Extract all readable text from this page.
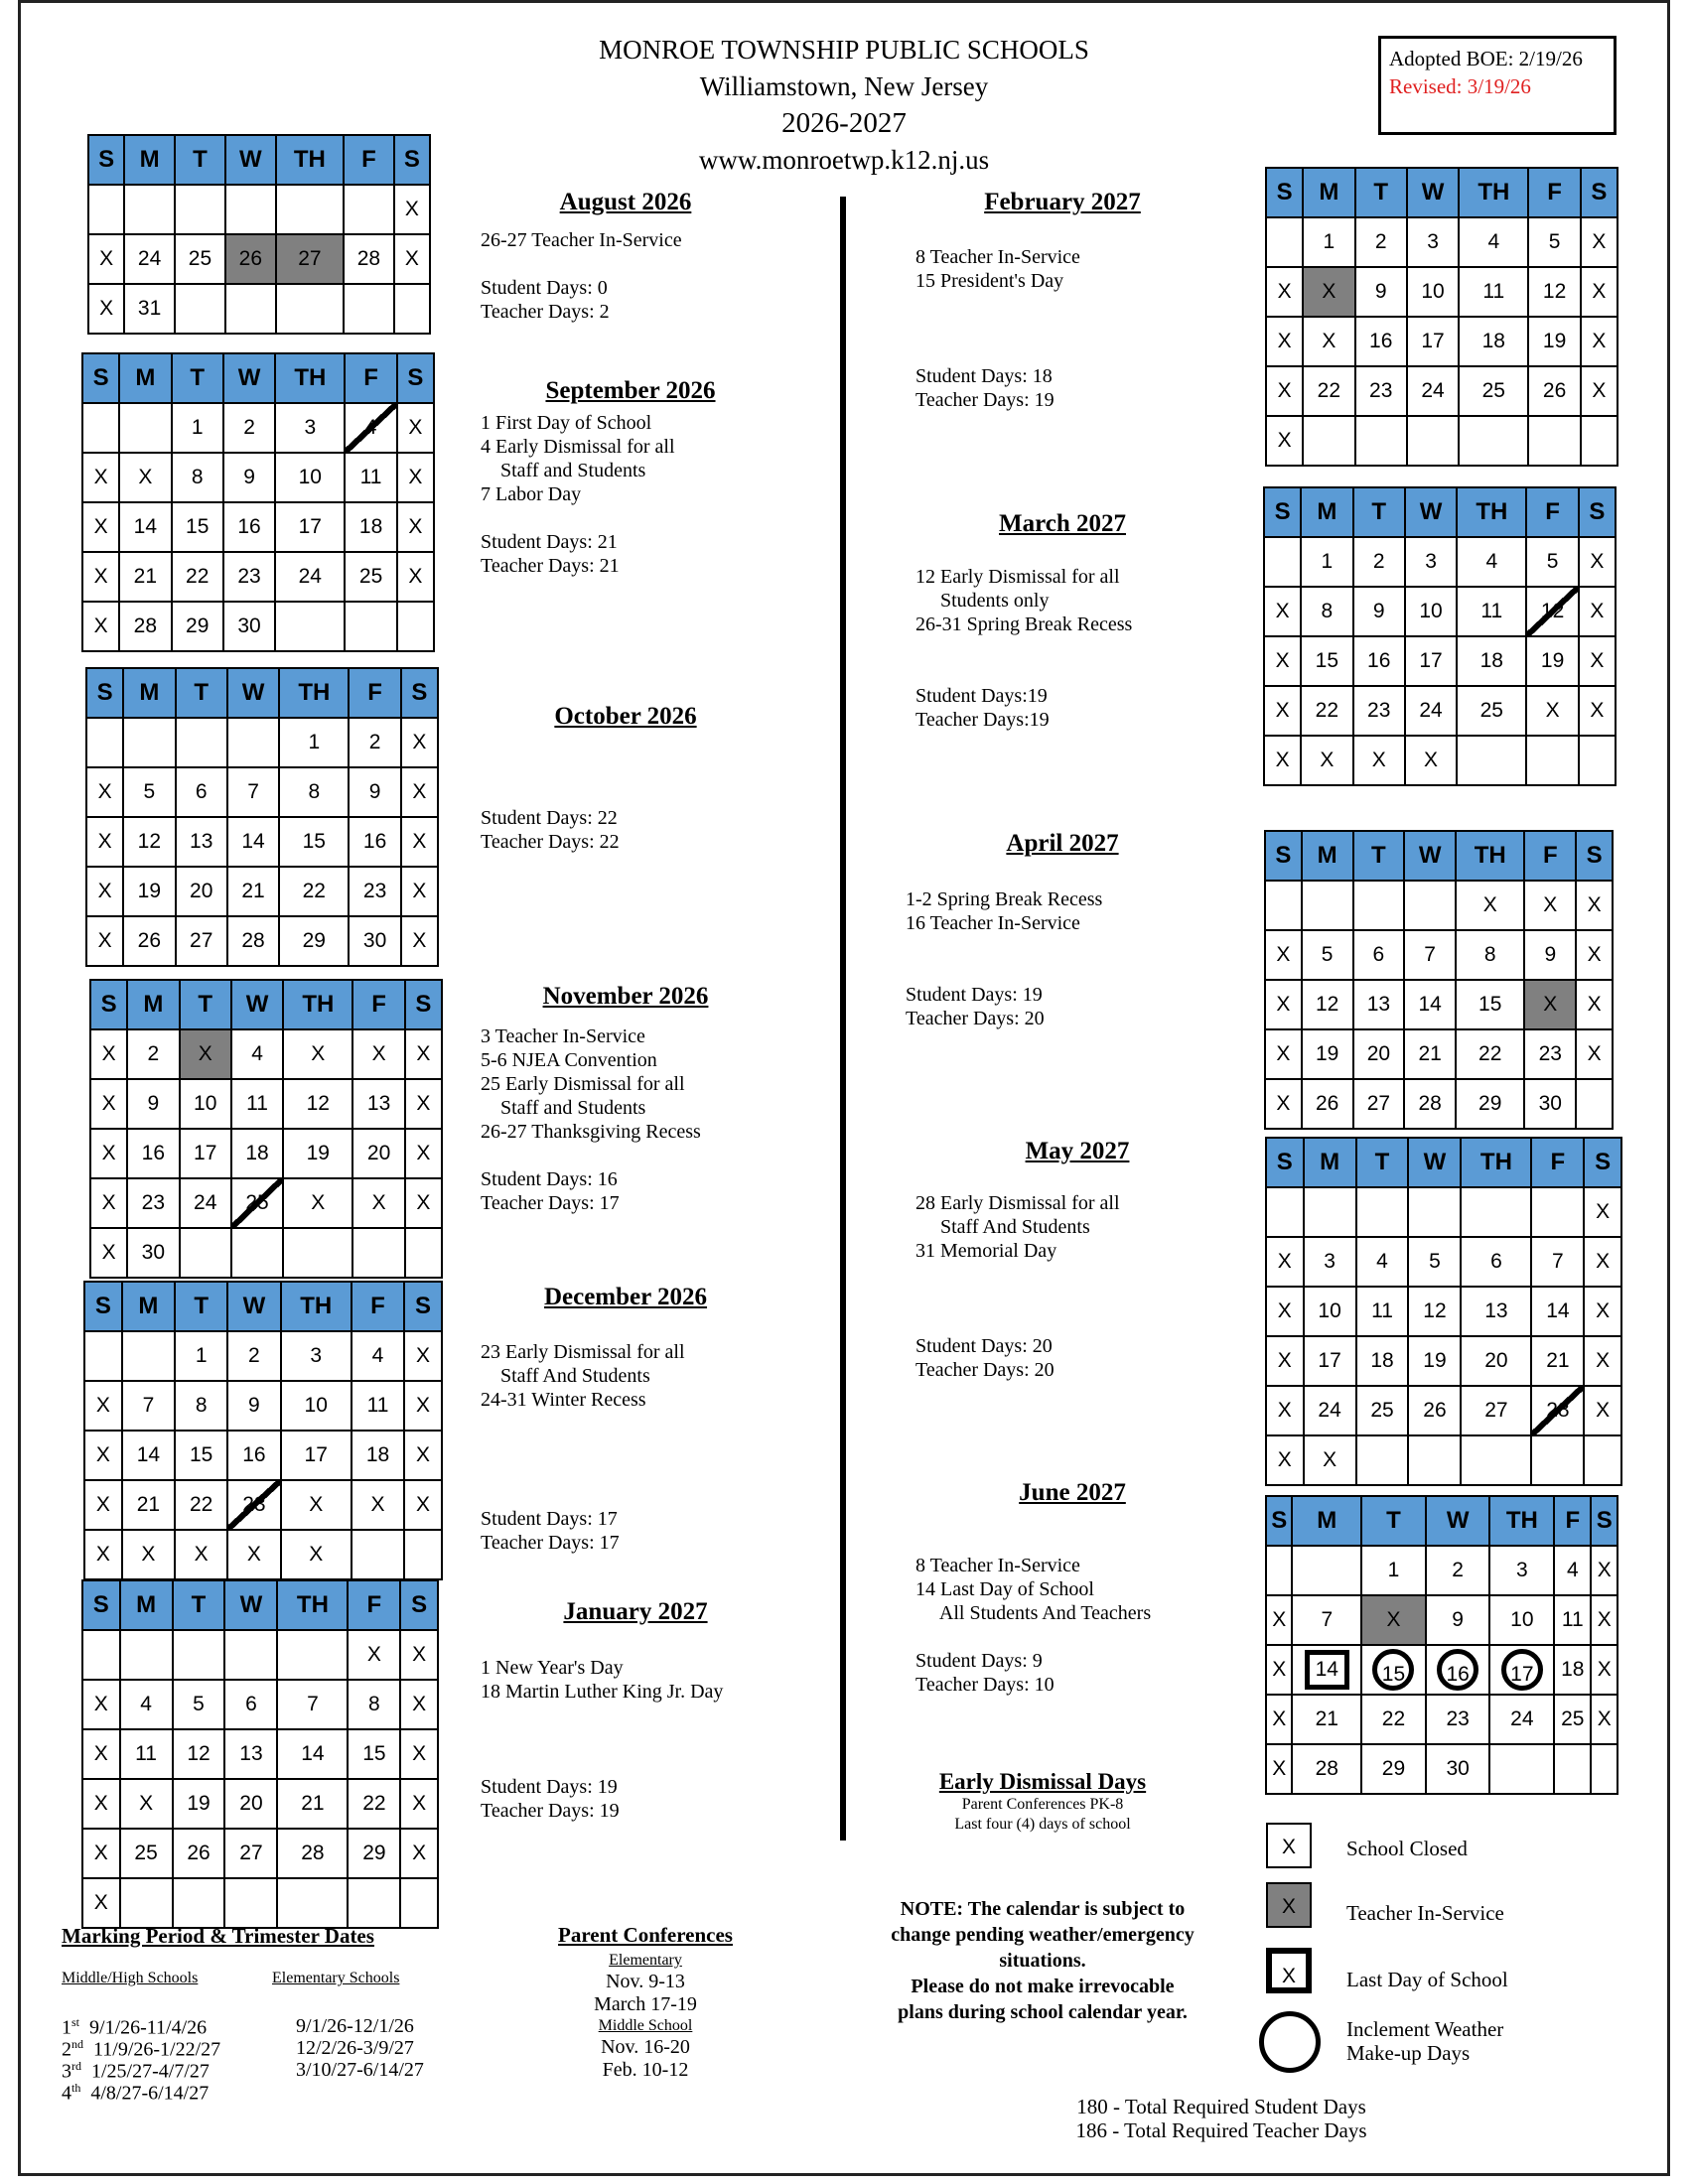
MONROE TOWNSHIP PUBLIC SCHOOLS
Williamstown, New Jersey
2026-2027
www.monroetwp.k12.nj.us
Adopted BOE: 2/19/26
Revised: 3/19/26
August 2026
26-27 Teacher In-Service

Student Days: 0
Teacher Days: 2
S	M	T	W	TH	F	S
						X
X	24	25	26	27	28	X
X	31					
September 2026
1 First Day of School
4 Early Dismissal for all
Staff and Students
7 Labor Day

Student Days: 21
Teacher Days: 21
S	M	T	W	TH	F	S
		1	2	3	4	X
X	X	8	9	10	11	X
X	14	15	16	17	18	X
X	21	22	23	24	25	X
X	28	29	30			
October 2026
Student Days: 22
Teacher Days: 22
S	M	T	W	TH	F	S
				1	2	X
X	5	6	7	8	9	X
X	12	13	14	15	16	X
X	19	20	21	22	23	X
X	26	27	28	29	30	X
November 2026
3 Teacher In-Service
5-6 NJEA Convention
25 Early Dismissal for all
Staff and Students
26-27 Thanksgiving Recess

Student Days: 16
Teacher Days: 17
S	M	T	W	TH	F	S
X	2	X	4	X	X	X
X	9	10	11	12	13	X
X	16	17	18	19	20	X
X	23	24	25	X	X	X
X	30					
December 2026
23 Early Dismissal for all
Staff And Students
24-31 Winter Recess

Student Days: 17
Teacher Days: 17
S	M	T	W	TH	F	S
		1	2	3	4	X
X	7	8	9	10	11	X
X	14	15	16	17	18	X
X	21	22	23	X	X	X
X	X	X	X	X		
January 2027
1 New Year's Day
18 Martin Luther King Jr. Day

Student Days: 19
Teacher Days: 19
S	M	T	W	TH	F	S
					X	X
X	4	5	6	7	8	X
X	11	12	13	14	15	X
X	X	19	20	21	22	X
X	25	26	27	28	29	X
X						
February 2027
8 Teacher In-Service
15 President's Day

Student Days: 18
Teacher Days: 19
S	M	T	W	TH	F	S
	1	2	3	4	5	X
X	X	9	10	11	12	X
X	X	16	17	18	19	X
X	22	23	24	25	26	X
X						
March 2027
12 Early Dismissal for all
Students only
26-31 Spring Break Recess

Student Days:19
Teacher Days:19
S	M	T	W	TH	F	S
	1	2	3	4	5	X
X	8	9	10	11	12	X
X	15	16	17	18	19	X
X	22	23	24	25	X	X
X	X	X	X			
April 2027
1-2 Spring Break Recess
16 Teacher In-Service

Student Days: 19
Teacher Days: 20
S	M	T	W	TH	F	S
				X	X	X
X	5	6	7	8	9	X
X	12	13	14	15	X	X
X	19	20	21	22	23	X
X	26	27	28	29	30	
May 2027
28 Early Dismissal for all
Staff And Students
31 Memorial Day

Student Days: 20
Teacher Days: 20
S	M	T	W	TH	F	S
						X
X	3	4	5	6	7	X
X	10	11	12	13	14	X
X	17	18	19	20	21	X
X	24	25	26	27	28	X
X	X					
June 2027
8 Teacher In-Service
14 Last Day of School
All Students And Teachers

Student Days: 9
Teacher Days: 10
S	M	T	W	TH	F	S
		1	2	3	4	X
X	7	X	9	10	11	X
X	14	15	16	17	18	X
X	21	22	23	24	25	X
X	28	29	30			
Early Dismissal Days
Parent Conferences PK-8
Last four (4) days of school
NOTE: The calendar is subject to
change pending weather/emergency
situations.
Please do not make irrevocable
plans during school calendar year.
X	School Closed
X	Teacher In-Service
X	Last Day of School
Inclement Weather
Make-up Days
180 - Total Required Student Days
186 - Total Required Teacher Days
Marking Period & Trimester Dates
Middle/High Schools	Elementary Schools
1st  9/1/26-11/4/26	9/1/26-12/1/26
2nd  11/9/26-1/22/27	12/2/26-3/9/27
3rd  1/25/27-4/7/27	3/10/27-6/14/27
4th  4/8/27-6/14/27
Parent Conferences
Elementary
Nov. 9-13
March 17-19
Middle School
Nov. 16-20
Feb. 10-12
